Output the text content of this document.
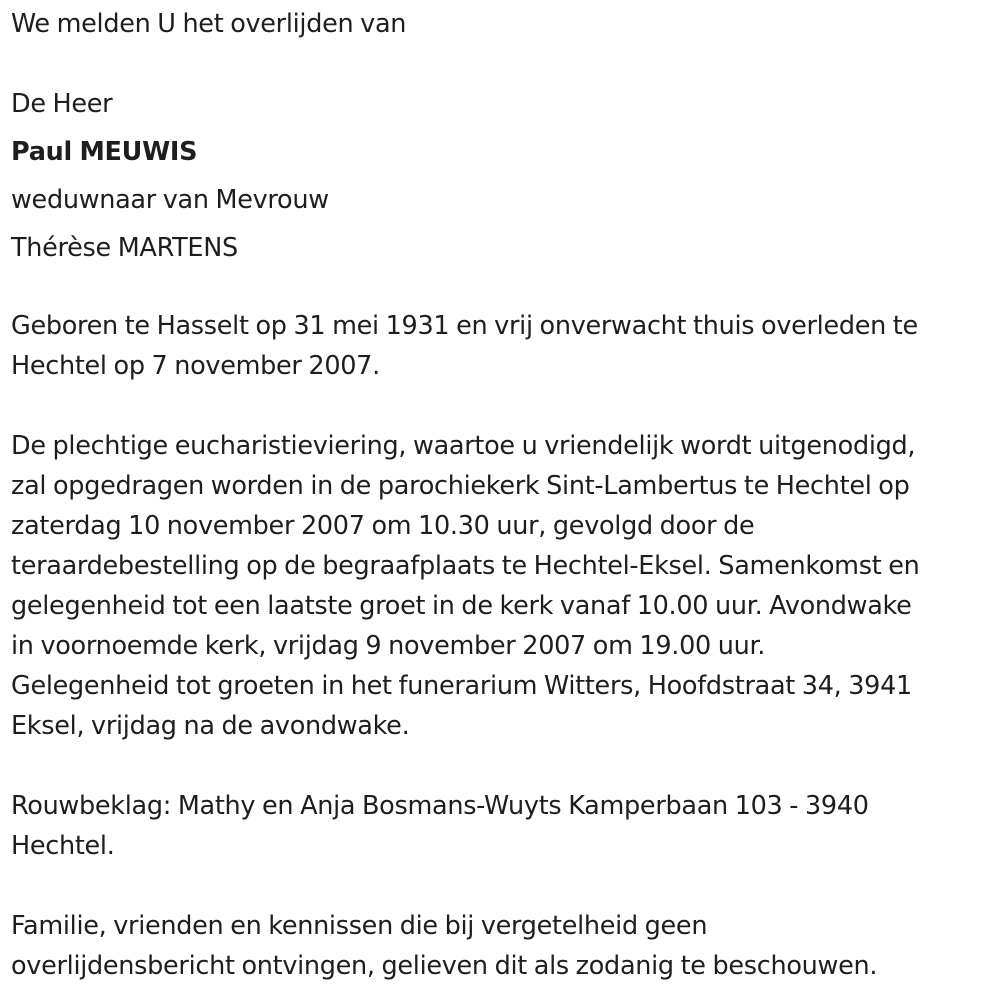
We melden U het overlijden van

De Heer

Paul MEUWIS

weduwnaar van Mevrouw

Thérèse MARTENS

Geboren te Hasselt op 31 mei 1931 en vrij onverwacht thuis overleden te

Hechtel op 7 november 2007.

De plechtige eucharistieviering, waartoe u vriendelijk wordt uitgenodigd,

zal opgedragen worden in de parochiekerk Sint-Lambertus te Hechtel op

zaterdag 10 november 2007 om 10.30 uur, gevolgd door de

teraardebestelling op de begraafplaats te Hechtel-Eksel. Samenkomst en

gelegenheid tot een laatste groet in de kerk vanaf 10.00 uur. Avondwake

in voornoemde kerk, vrijdag 9 november 2007 om 19.00 uur.

Gelegenheid tot groeten in het funerarium Witters, Hoofdstraat 34, 3941

Eksel, vrijdag na de avondwake.

Rouwbeklag: Mathy en Anja Bosmans-Wuyts Kamperbaan 103 - 3940

Hechtel.

Familie, vrienden en kennissen die bij vergetelheid geen

overlijdensbericht ontvingen, gelieven dit als zodanig te beschouwen.
